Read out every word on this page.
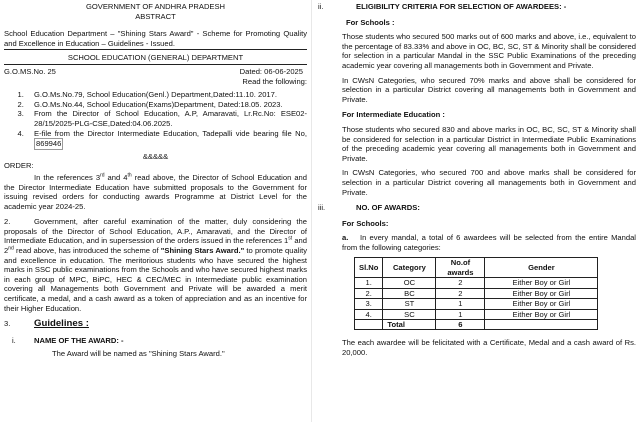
GOVERNMENT OF ANDHRA PRADESH

ABSTRACT

School Education Department – "Shining Stars Award" - Scheme for Promoting Quality and Excellence in Education – Guidelines - Issued.

SCHOOL EDUCATION (GENERAL) DEPARTMENT

G.O.MS.No. 25	Dated: 06-06-2025

Read the following:

1. G.O.Ms.No.79, School Education(Genl.) Department,Dated:11.10. 2017.
2. G.O.Ms.No.44, School Education(Exams)Department, Dated:18.05. 2023.
3. From the Director of School Education, A.P, Amaravati, Lr.Rc.No: ESE02-28/15/2025-PLG-CSE,Dated:04.06.2025.
4. E-file from the Director Intermediate Education, Tadepalli vide bearing file No, 869946

&&&&&

ORDER:

In the references 3rd and 4th read above, the Director of School Education and the Director Intermediate Education have submitted proposals to the Government for issuing revised orders for conducting awards Programme at District Level for the academic year 2024-25.

2.	Government, after careful examination of the matter, duly considering the proposals of the Director of School Education, A.P., Amaravati, and the Director of Intermediate Education, and in supersession of the orders issued in the references 1st and 2nd read above, has introduced the scheme of "Shining Stars Award." to promote quality and excellence in education. The meritorious students who have secured the highest marks in SSC public examinations from the Schools and who have secured highest marks in each group of MPC, BiPC, HEC & CEC/MEC in Intermediate public examination covering all Managements both Government and Private will be awarded a merit certificate, a medal, and a cash award as a token of appreciation and as an incentive for their Higher Education.

3.	Guidelines :
i.	NAME OF THE AWARD: -

The Award will be named as "Shining Stars Award."

ii.	ELIGIBILITY CRITERIA FOR SELECTION OF AWARDEES: -

For Schools :

Those students who secured 500 marks out of 600 marks and above, i.e., equivalent to the percentage of 83.33% and above in OC, BC, SC, ST & Minority shall be considered for selection in a particular Mandal in the SSC Public Examinations of the preceding academic year covering all managements both in Government and Private.

In CWsN Categories, who secured 70% marks and above shall be considered for selection in a particular District covering all managements both in Government and Private.

For Intermediate Education :

Those students who secured 830 and above marks in OC, BC, SC, ST & Minority shall be considered for selection in a particular District in Intermediate Public Examinations of the preceding academic year covering all managements both in Government and Private.

In CWsN Categories, who secured 700 and above marks shall be considered for selection in a particular District covering all managements both in Government and Private.

iii.	NO. OF AWARDS:

For Schools:

a. In every mandal, a total of 6 awardees will be selected from the entire Mandal from the following categories:

Sl.No	Category	No.of awards	Gender
1.	OC	2	Either Boy or Girl
2.	BC	2	Either Boy or Girl
3.	ST	1	Either Boy or Girl
4.	SC	1	Either Boy or Girl
	Total	6	

The each awardee will be felicitated with a Certificate, Medal and a cash award of Rs. 20,000.
